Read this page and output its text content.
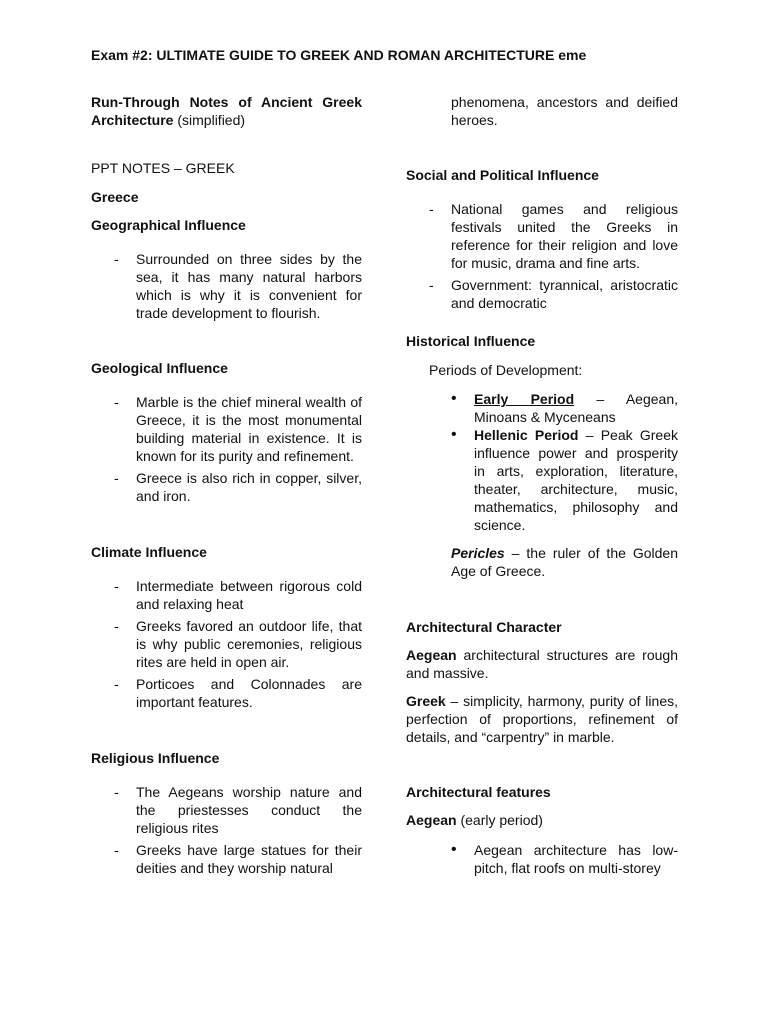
Exam #2: ULTIMATE GUIDE TO GREEK AND ROMAN ARCHITECTURE eme

Run-Through Notes of Ancient Greek Architecture (simplified)

PPT NOTES – GREEK

Greece

Geographical Influence

- Surrounded on three sides by the sea, it has many natural harbors which is why it is convenient for trade development to flourish.

Geological Influence

- Marble is the chief mineral wealth of Greece, it is the most monumental building material in existence. It is known for its purity and refinement.

- Greece is also rich in copper, silver, and iron.

Climate Influence

- Intermediate between rigorous cold and relaxing heat

- Greeks favored an outdoor life, that is why public ceremonies, religious rites are held in open air.

- Porticoes and Colonnades are important features.

Religious Influence

- The Aegeans worship nature and the priestesses conduct the religious rites

- Greeks have large statues for their deities and they worship natural

phenomena, ancestors and deified heroes.

Social and Political Influence

- National games and religious festivals united the Greeks in reference for their religion and love for music, drama and fine arts.

- Government: tyrannical, aristocratic and democratic

Historical Influence

Periods of Development:

• Early Period – Aegean, Minoans & Myceneans

• Hellenic Period – Peak Greek influence power and prosperity in arts, exploration, literature, theater, architecture, music, mathematics, philosophy and science.

Pericles – the ruler of the Golden Age of Greece.

Architectural Character

Aegean architectural structures are rough and massive.

Greek – simplicity, harmony, purity of lines, perfection of proportions, refinement of details, and “carpentry” in marble.

Architectural features

Aegean (early period)

• Aegean architecture has low-pitch, flat roofs on multi-storey
